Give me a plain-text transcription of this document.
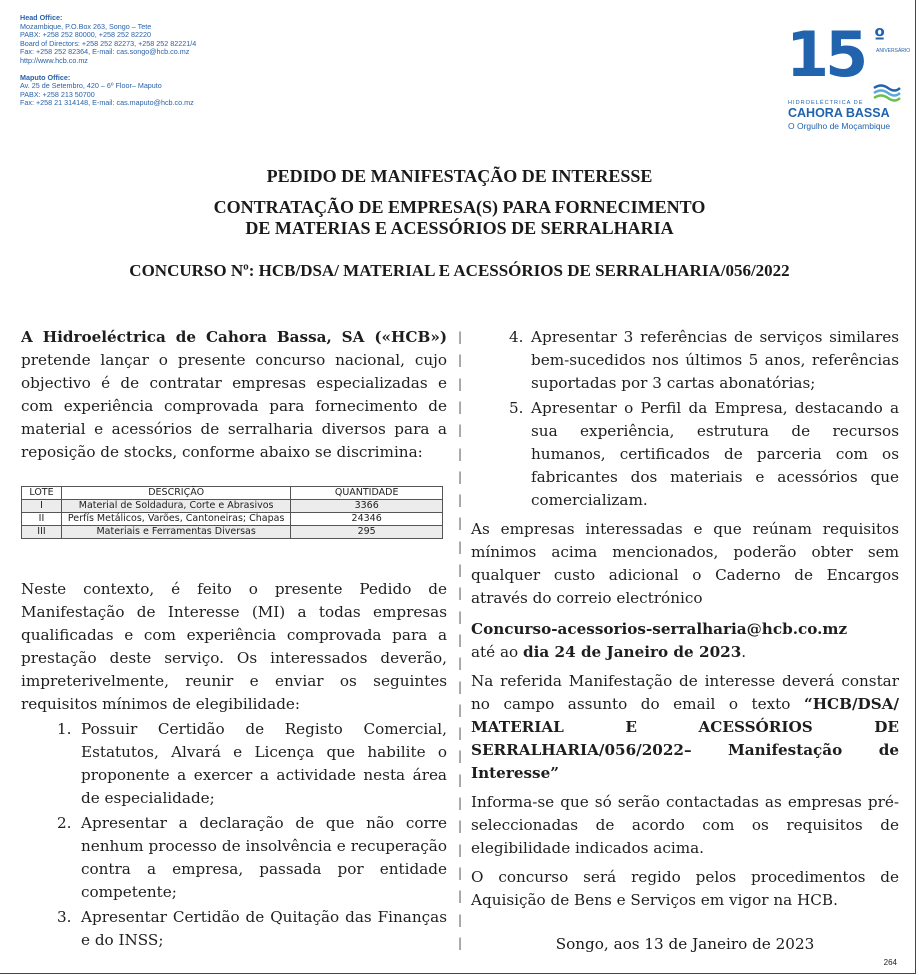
Head Office:
Mozambique, P.O.Box 263, Songo – Tete
PABX: +258 252 80000, +258 252 82220
Board of Directors: +258 252 82273, +258 252 82221/4
Fax: +258 252 82364, E-mail: cas.songo@hcb.co.mz
http://www.hcb.co.mz
Maputo Office:
Av. 25 de Setembro, 420 – 6º Floor– Maputo
PABX: +258 213 50700
Fax: +258 21 314148, E-mail: cas.maputo@hcb.co.mz
15 º
ANIVERSÁRIO
HIDROELÉCTRICA DE
CAHORA BASSA
O Orgulho de Moçambique
PEDIDO DE MANIFESTAÇÃO DE INTERESSE
CONTRATAÇÃO DE EMPRESA(S) PARA FORNECIMENTO
DE MATERIAS E ACESSÓRIOS DE SERRALHARIA
CONCURSO Nº: HCB/DSA/ MATERIAL E ACESSÓRIOS DE SERRALHARIA/056/2022

A Hidroeléctrica de Cahora Bassa, SA («HCB») pretende lançar o presente concurso nacional, cujo objectivo é de contratar empresas especializadas e com experiência comprovada para fornecimento de material e acessórios de serralharia diversos para a reposição de stocks, conforme abaixo se discrimina:

LOTE	DESCRIÇÃO	QUANTIDADE
I	Material de Soldadura, Corte e Abrasivos	3366
II	Perfís Metálicos, Varões, Cantoneiras; Chapas	24346
III	Materiais e Ferramentas Diversas	295

Neste contexto, é feito o presente Pedido de Manifestação de Interesse (MI) a todas empresas qualificadas e com experiência comprovada para a prestação deste serviço. Os interessados deverão, impreterivelmente, reunir e enviar os seguintes requisitos mínimos de elegibilidade:

1. Possuir Certidão de Registo Comercial, Estatutos, Alvará e Licença que habilite o proponente a exercer a actividade nesta área de especialidade;
2. Apresentar a declaração de que não corre nenhum processo de insolvência e recuperação contra a empresa, passada por entidade competente;
3. Apresentar Certidão de Quitação das Finanças e do INSS;
|
|
|
|
|
|
|
|
|
|
|
|
|
|
|
|
|
|
|
|
|
|
|
|
|
|
|
4. Apresentar 3 referências de serviços similares bem-sucedidos nos últimos 5 anos, referências suportadas por 3 cartas abonatórias;
5. Apresentar o Perfil da Empresa, destacando a sua experiência, estrutura de recursos humanos, certificados de parceria com os fabricantes dos materiais e acessórios que comercializam.

As empresas interessadas e que reúnam requisitos mínimos acima mencionados, poderão obter sem qualquer custo adicional o Caderno de Encargos através do correio electrónico

Concurso-acessorios-serralharia@hcb.co.mz

até ao dia 24 de Janeiro de 2023.

Na referida Manifestação de interesse deverá constar no campo assunto do email o texto “HCB/DSA/ MATERIAL E ACESSÓRIOS DE SERRALHARIA/056/2022– Manifestação de Interesse”

Informa-se que só serão contactadas as empresas pré-seleccionadas de acordo com os requisitos de elegibilidade indicados acima.

O concurso será regido pelos procedimentos de Aquisição de Bens e Serviços em vigor na HCB.

Songo, aos 13 de Janeiro de 2023
264
